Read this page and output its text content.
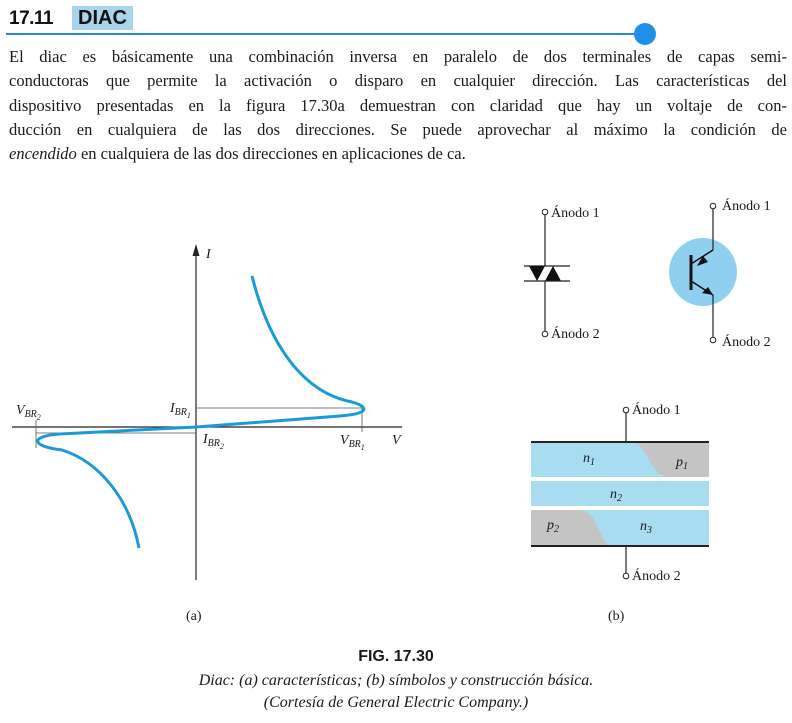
17.11	DIAC

El diac es básicamente una combinación inversa en paralelo de dos terminales de capas semi-
conductoras que permite la activación o disparo en cualquier dirección. Las características del
dispositivo presentadas en la figura 17.30a demuestran con claridad que hay un voltaje de con-
ducción en cualquiera de las dos direcciones. Se puede aprovechar al máximo la condición de
encendido en cualquiera de las dos direcciones en aplicaciones de ca.

I
V
$V_{BR2}$
$I_{BR1}$
$I_{BR2}$	$V_{BR1}$
(a)
Ánodo 1
Ánodo 2
Ánodo 1
Ánodo 2
Ánodo 1
Ánodo 2
$n_1$	$p_1$
$n_2$
$p_2$	$n_3$
(b)
FIG. 17.30
Diac: (a) características; (b) símbolos y construcción básica.
(Cortesía de General Electric Company.)
